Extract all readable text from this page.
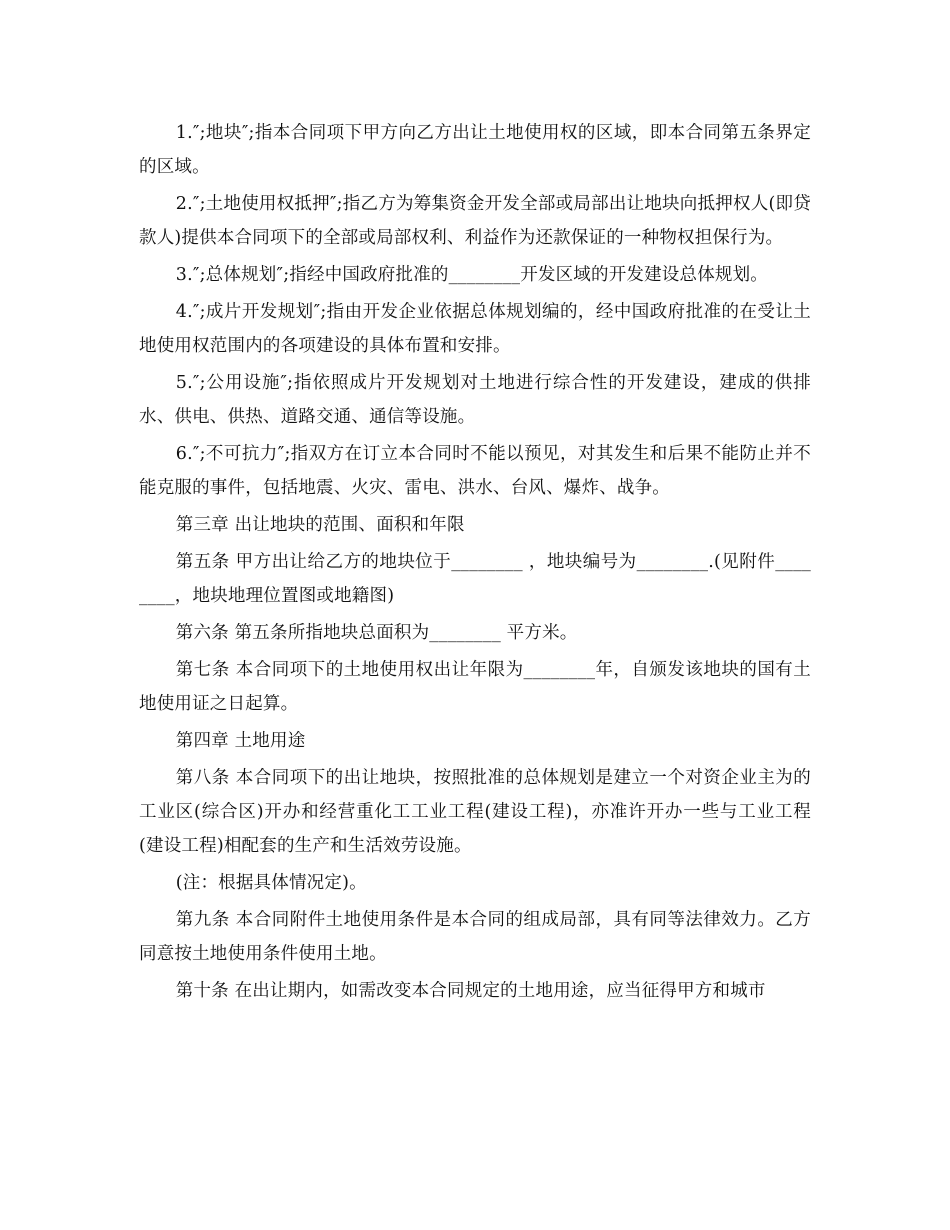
1.″;地块″;指本合同项下甲方向乙方出让土地使用权的区域，即本合同第五条界定的区域。

2.″;土地使用权抵押″;指乙方为筹集资金开发全部或局部出让地块向抵押权人(即贷款人)提供本合同项下的全部或局部权利、利益作为还款保证的一种物权担保行为。

3.″;总体规划″;指经中国政府批准的________开发区域的开发建设总体规划。

4.″;成片开发规划″;指由开发企业依据总体规划编的，经中国政府批准的在受让土地使用权范围内的各项建设的具体布置和安排。

5.″;公用设施″;指依照成片开发规划对土地进行综合性的开发建设，建成的供排水、供电、供热、道路交通、通信等设施。

6.″;不可抗力″;指双方在订立本合同时不能以预见，对其发生和后果不能防止并不能克服的事件，包括地震、火灾、雷电、洪水、台风、爆炸、战争。

第三章 出让地块的范围、面积和年限

第五条 甲方出让给乙方的地块位于________ ，地块编号为________.(见附件________，地块地理位置图或地籍图)

第六条 第五条所指地块总面积为________ 平方米。

第七条 本合同项下的土地使用权出让年限为________年，自颁发该地块的国有土地使用证之日起算。

第四章 土地用途

第八条 本合同项下的出让地块，按照批准的总体规划是建立一个对资企业主为的工业区(综合区)开办和经营重化工工业工程(建设工程)，亦准许开办一些与工业工程(建设工程)相配套的生产和生活效劳设施。

(注：根据具体情况定)。

第九条 本合同附件土地使用条件是本合同的组成局部，具有同等法律效力。乙方同意按土地使用条件使用土地。

第十条 在出让期内，如需改变本合同规定的土地用途，应当征得甲方和城市
